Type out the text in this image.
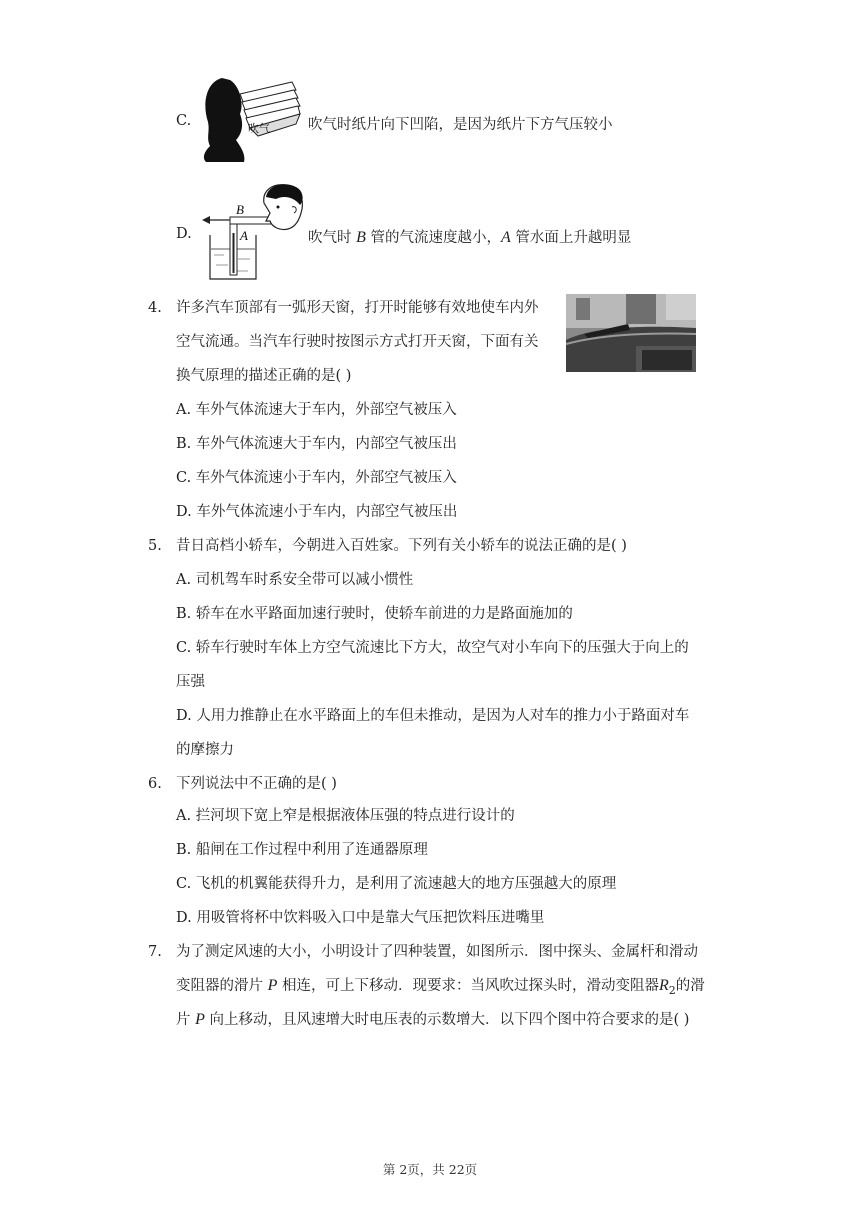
C.	吹气	吹气时纸片向下凹陷，是因为纸片下方气压较小
D.
B
A	吹气时 B 管的气流速度越小，A 管水面上升越明显
4. 许多汽车顶部有一弧形天窗，打开时能够有效地使车内外
空气流通。当汽车行驶时按图示方式打开天窗，下面有关
换气原理的描述正确的是( )
A. 车外气体流速大于车内，外部空气被压入
B. 车外气体流速大于车内，内部空气被压出
C. 车外气体流速小于车内，外部空气被压入
D. 车外气体流速小于车内，内部空气被压出
5. 昔日高档小轿车，今朝进入百姓家。下列有关小轿车的说法正确的是( )
A. 司机驾车时系安全带可以减小惯性
B. 轿车在水平路面加速行驶时，使轿车前进的力是路面施加的
C. 轿车行驶时车体上方空气流速比下方大，故空气对小车向下的压强大于向上的
压强
D. 人用力推静止在水平路面上的车但未推动，是因为人对车的推力小于路面对车
的摩擦力
6. 下列说法中不正确的是( )
A. 拦河坝下宽上窄是根据液体压强的特点进行设计的
B. 船闸在工作过程中利用了连通器原理
C. 飞机的机翼能获得升力，是利用了流速越大的地方压强越大的原理
D. 用吸管将杯中饮料吸入口中是靠大气压把饮料压进嘴里
7. 为了测定风速的大小，小明设计了四种装置，如图所示．图中探头、金属杆和滑动
变阻器的滑片 P 相连，可上下移动．现要求：当风吹过探头时，滑动变阻器$R_2$的滑
片 P 向上移动，且风速增大时电压表的示数增大．以下四个图中符合要求的是( )
第 2页，共 22页
